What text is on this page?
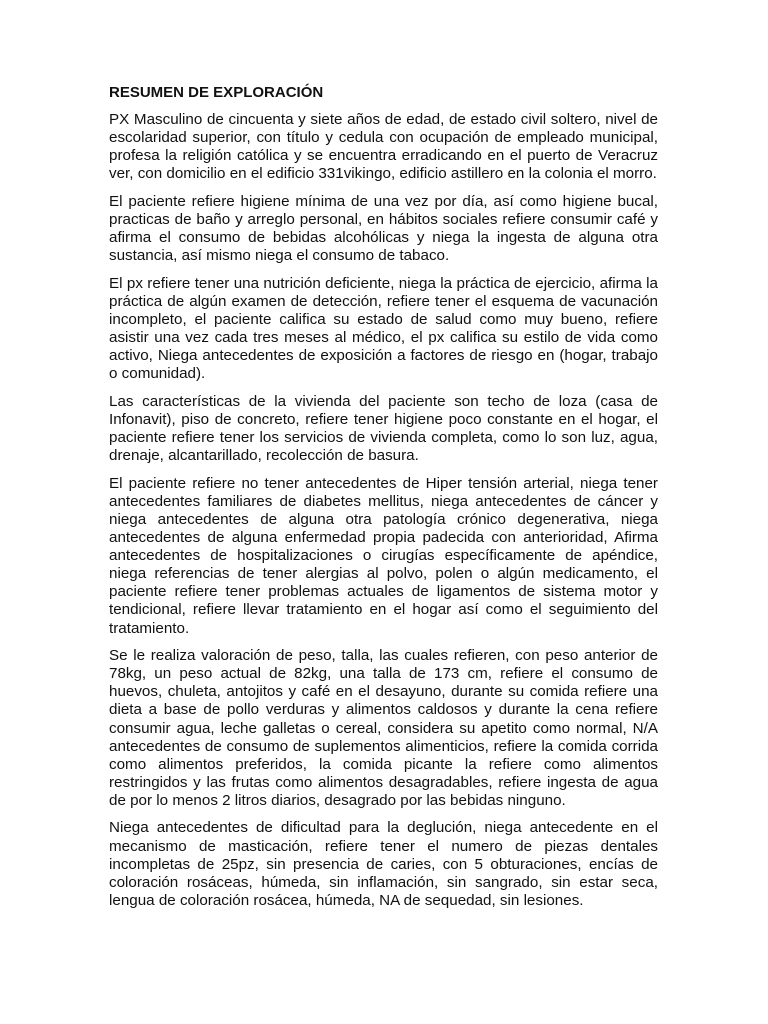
RESUMEN DE EXPLORACIÓN

PX Masculino de cincuenta y siete años de edad, de estado civil soltero, nivel de escolaridad superior, con título y cedula con ocupación de empleado municipal, profesa la religión católica y se encuentra erradicando en el puerto de Veracruz ver, con domicilio en el edificio 331vikingo, edificio astillero en la colonia el morro.

El paciente refiere higiene mínima de una vez por día, así como higiene bucal, practicas de baño y arreglo personal, en hábitos sociales refiere consumir café y afirma el consumo de bebidas alcohólicas y niega la ingesta de alguna otra sustancia, así mismo niega el consumo de tabaco.

El px refiere tener una nutrición deficiente, niega la práctica de ejercicio, afirma la práctica de algún examen de detección, refiere tener el esquema de vacunación incompleto, el paciente califica su estado de salud como muy bueno, refiere asistir una vez cada tres meses al médico, el px califica su estilo de vida como activo, Niega antecedentes de exposición a factores de riesgo en (hogar, trabajo o comunidad).

Las características de la vivienda del paciente son techo de loza (casa de Infonavit), piso de concreto, refiere tener higiene poco constante en el hogar, el paciente refiere tener los servicios de vivienda completa, como lo son luz, agua, drenaje, alcantarillado, recolección de basura.

El paciente refiere no tener antecedentes de Hiper tensión arterial, niega tener antecedentes familiares de diabetes mellitus, niega antecedentes de cáncer y niega antecedentes de alguna otra patología crónico degenerativa, niega antecedentes de alguna enfermedad propia padecida con anterioridad, Afirma antecedentes de hospitalizaciones o cirugías específicamente de apéndice, niega referencias de tener alergias al polvo, polen o algún medicamento, el paciente refiere tener problemas actuales de ligamentos de sistema motor y tendicional, refiere llevar tratamiento en el hogar así como el seguimiento del tratamiento.

Se le realiza valoración de peso, talla, las cuales refieren, con peso anterior de 78kg, un peso actual de 82kg, una talla de 173 cm, refiere el consumo de huevos, chuleta, antojitos y café en el desayuno, durante su comida refiere una dieta a base de pollo verduras y alimentos caldosos y durante la cena refiere consumir agua, leche galletas o cereal, considera su apetito como normal, N/A antecedentes de consumo de suplementos alimenticios, refiere la comida corrida como alimentos preferidos, la comida picante la refiere como alimentos restringidos y las frutas como alimentos desagradables, refiere ingesta de agua de por lo menos 2 litros diarios, desagrado por las bebidas ninguno.

Niega antecedentes de dificultad para la deglución, niega antecedente en el mecanismo de masticación, refiere tener el numero de piezas dentales incompletas de 25pz, sin presencia de caries, con 5 obturaciones, encías de coloración rosáceas, húmeda, sin inflamación, sin sangrado, sin estar seca, lengua de coloración rosácea, húmeda, NA de sequedad, sin lesiones.
